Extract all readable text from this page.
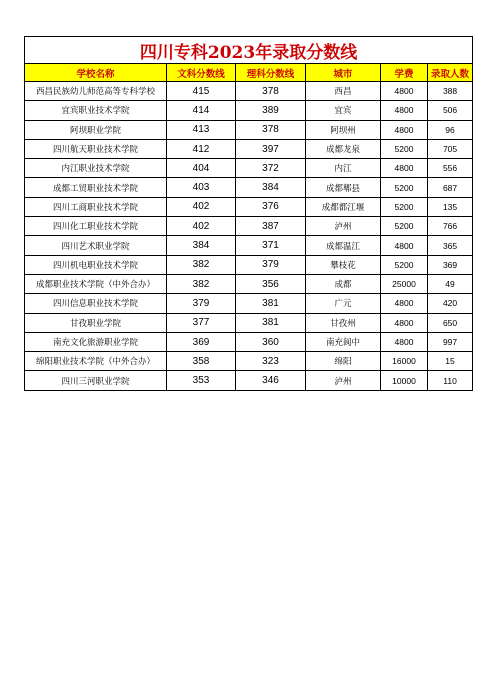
四川专科2023年录取分数线					
学校名称	文科分数线	理科分数线	城市	学费	录取人数
西昌民族幼儿师范高等专科学校	415	378	西昌	4800	388
宜宾职业技术学院	414	389	宜宾	4800	506
阿坝职业学院	413	378	阿坝州	4800	96
四川航天职业技术学院	412	397	成都龙泉	5200	705
内江职业技术学院	404	372	内江	4800	556
成都工贸职业技术学院	403	384	成都郫县	5200	687
四川工商职业技术学院	402	376	成都都江堰	5200	135
四川化工职业技术学院	402	387	泸州	5200	766
四川艺术职业学院	384	371	成都温江	4800	365
四川机电职业技术学院	382	379	攀枝花	5200	369
成都职业技术学院（中外合办）	382	356	成都	25000	49
四川信息职业技术学院	379	381	广元	4800	420
甘孜职业学院	377	381	甘孜州	4800	650
南充文化旅游职业学院	369	360	南充阆中	4800	997
绵阳职业技术学院（中外合办）	358	323	绵阳	16000	15
四川三河职业学院	353	346	泸州	10000	110
